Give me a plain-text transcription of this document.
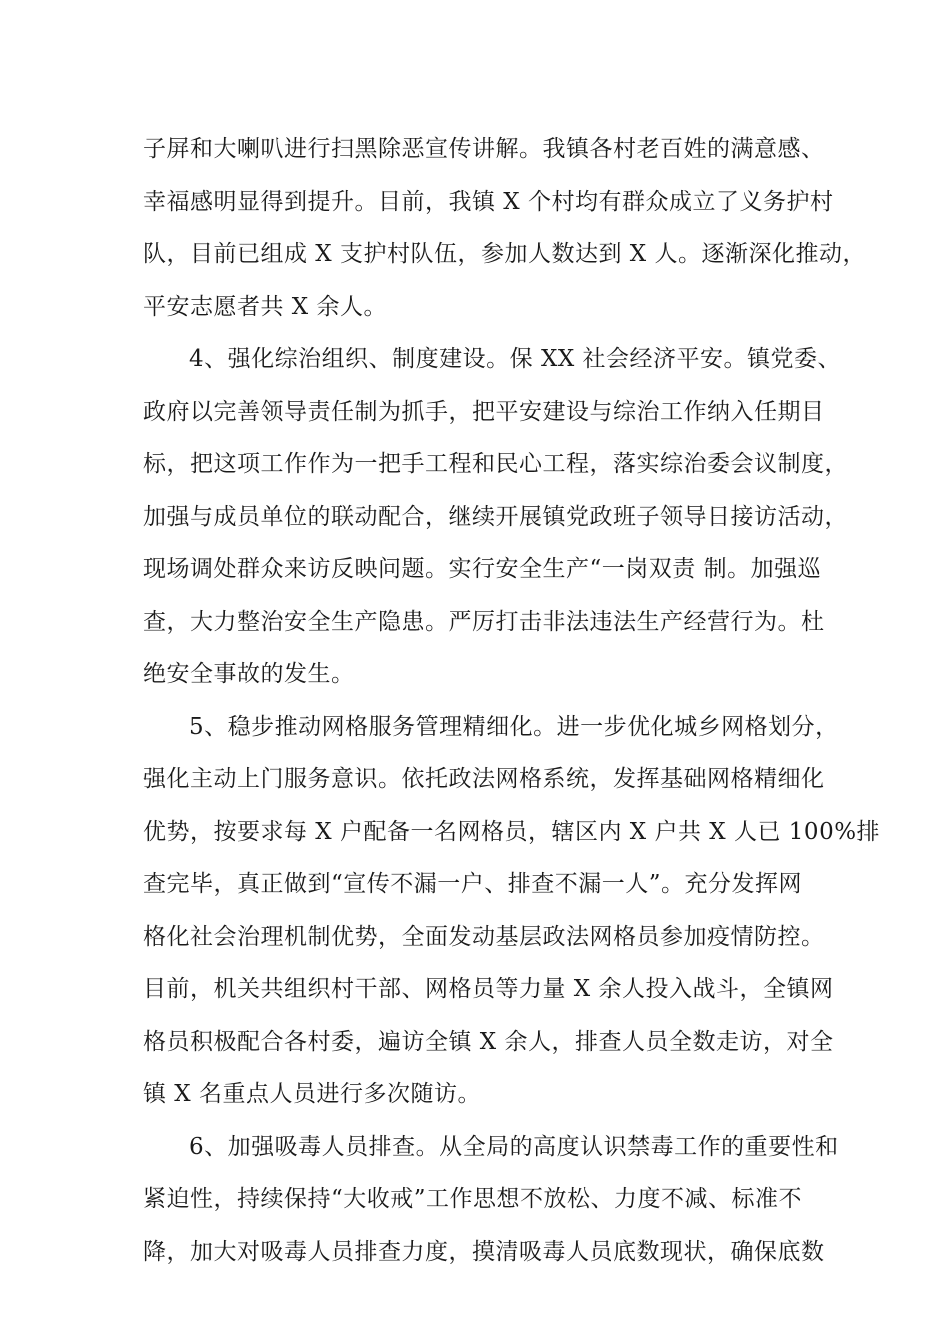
子屏和大喇叭进行扫黑除恶宣传讲解。我镇各村老百姓的满意感、
幸福感明显得到提升。目前，我镇 X 个村均有群众成立了义务护村
队，目前已组成 X 支护村队伍，参加人数达到 X 人。逐渐深化推动，
平安志愿者共 X 余人。
4、强化综治组织、制度建设。保 XX 社会经济平安。镇党委、
政府以完善领导责任制为抓手，把平安建设与综治工作纳入任期目
标，把这项工作作为一把手工程和民心工程，落实综治委会议制度，
加强与成员单位的联动配合，继续开展镇党政班子领导日接访活动，
现场调处群众来访反映问题。实行安全生产“一岗双责 制。加强巡
查，大力整治安全生产隐患。严厉打击非法违法生产经营行为。杜
绝安全事故的发生。
5、稳步推动网格服务管理精细化。进一步优化城乡网格划分，
强化主动上门服务意识。依托政法网格系统，发挥基础网格精细化
优势，按要求每 X 户配备一名网格员，辖区内 X 户共 X 人已 100%排
查完毕，真正做到“宣传不漏一户、排查不漏一人”。充分发挥网
格化社会治理机制优势，全面发动基层政法网格员参加疫情防控。
目前，机关共组织村干部、网格员等力量 X 余人投入战斗，全镇网
格员积极配合各村委，遍访全镇 X 余人，排查人员全数走访，对全
镇 X 名重点人员进行多次随访。
6、加强吸毒人员排查。从全局的高度认识禁毒工作的重要性和
紧迫性，持续保持“大收戒”工作思想不放松、力度不减、标准不
降，加大对吸毒人员排查力度，摸清吸毒人员底数现状，确保底数
